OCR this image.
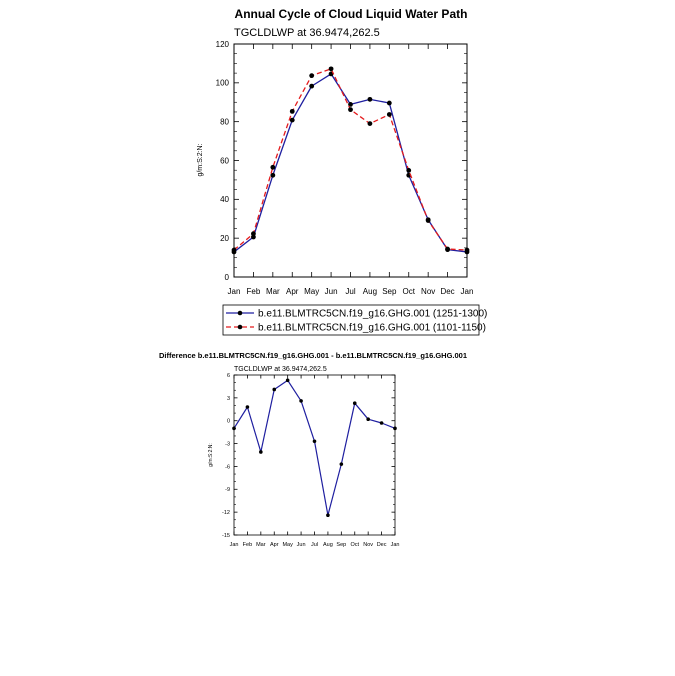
Annual Cycle of Cloud Liquid Water Path
TGCLDLWP at 36.9474,262.5
g/m:S:2:N:
0
20
40
60
80
100
120
Jan Feb Mar Apr May Jun Jul Aug Sep Oct Nov Dec Jan
b.e11.BLMTRC5CN.f19_g16.GHG.001 (1251-1300)
b.e11.BLMTRC5CN.f19_g16.GHG.001 (1101-1150)
Difference b.e11.BLMTRC5CN.f19_g16.GHG.001 - b.e11.BLMTRC5CN.f19_g16.GHG.001
TGCLDLWP at 36.9474,262.5
g/m:S:2:N:
-15
-12
-9
-6
-3
0
3
6
Jan Feb Mar Apr May Jun Jul Aug Sep Oct Nov Dec Jan
